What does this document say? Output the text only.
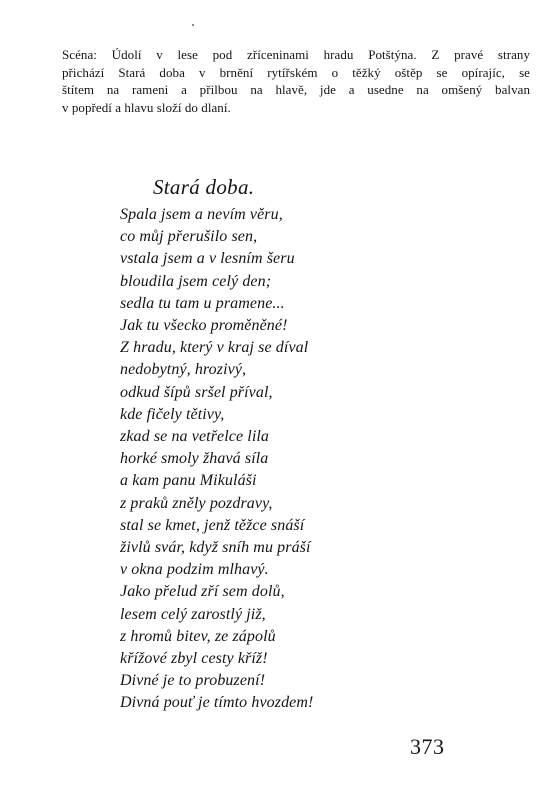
Scéna: Údolí v lese pod zříceninami hradu Potštýna. Z pravé strany
přichází Stará doba v brnění rytířském o těžký oštěp se opírajíc, se
štítem na rameni a přilbou na hlavě, jde a usedne na omšený balvan
v popředí a hlavu složí do dlaní.
Stará doba.
Spala jsem a nevím věru,
co můj přerušilo sen,
vstala jsem a v lesním šeru
bloudila jsem celý den;
sedla tu tam u pramene...
Jak tu všecko proměněné!
Z hradu, který v kraj se díval
nedobytný, hrozivý,
odkud šípů sršel příval,
kde fičely tětivy,
zkad se na vetřelce lila
horké smoly žhavá síla
a kam panu Mikuláši
z praků zněly pozdravy,
stal se kmet, jenž těžce snáší
živlů svár, když sníh mu práší
v okna podzim mlhavý.
Jako přelud zří sem dolů,
lesem celý zarostlý již,
z hromů bitev, ze zápolů
křížové zbyl cesty kříž!
Divné je to probuzení!
Divná pouť je tímto hvozdem!
373
